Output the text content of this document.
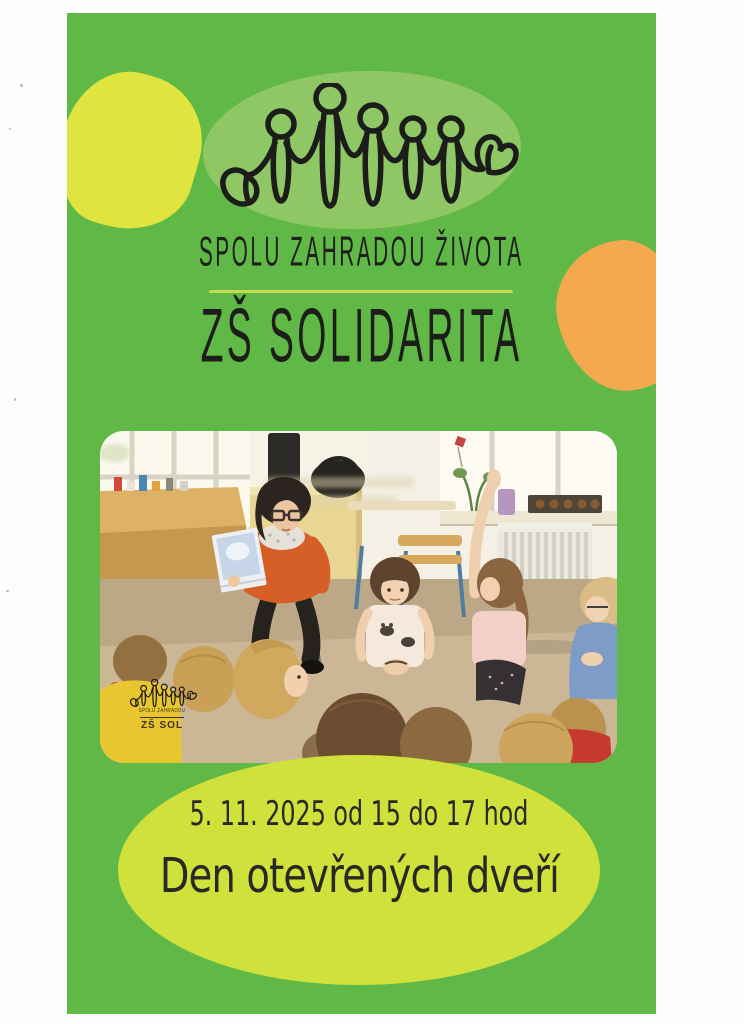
SPOLU ZAHRADOU ŽIVOTA
ZŠ SOLIDARITA
SPOLU ZAHRADOU
ZŠ SOL
5. 11. 2025 od 15 do 17 hod
Den otevřených dveří
